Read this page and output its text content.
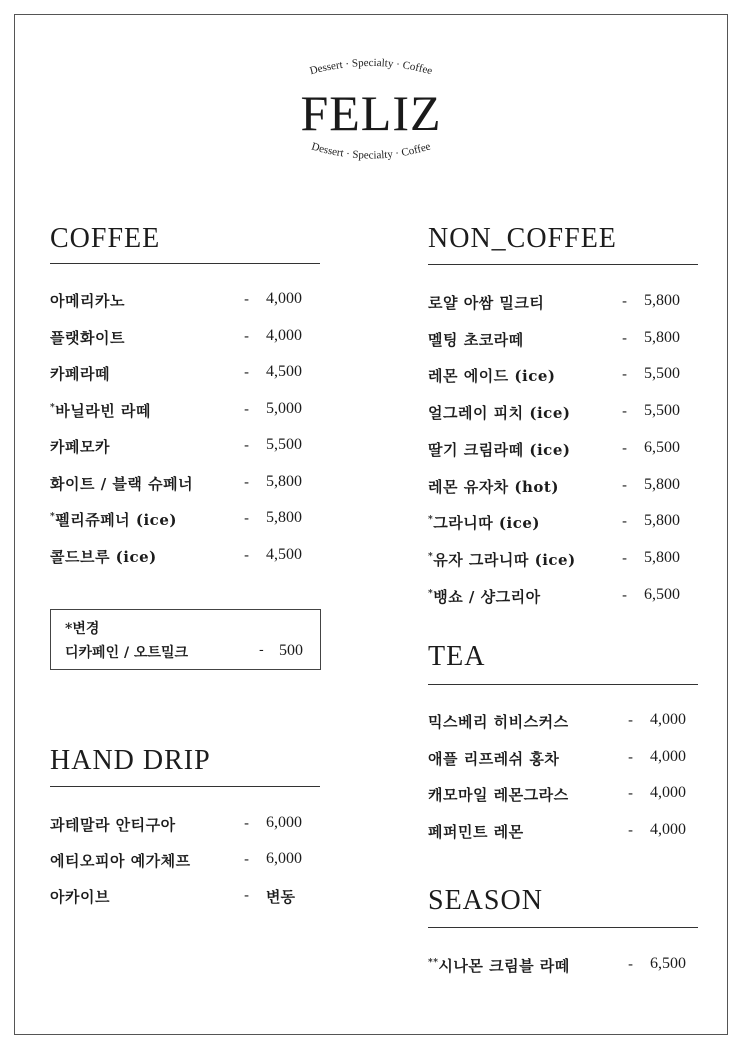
Dessert · Specialty · Coffee
FELIZ
Dessert · Specialty · Coffee
COFFEE
아메리카노	- 4,000
플랫화이트	- 4,000
카페라떼	- 4,500
*바닐라빈 라떼	- 5,000
카페모카	- 5,500
화이트 / 블랙 슈페너	- 5,800
*펠리쥬페너 (ice)	- 5,800
콜드브루 (ice)	- 4,500
*변경
디카페인 / 오트밀크	- 500
HAND DRIP
과테말라 안티구아	- 6,000
에티오피아 예가체프	- 6,000
아카이브	- 변동
NON_COFFEE
로얄 아쌈 밀크티	- 5,800
멜팅 초코라떼	- 5,800
레몬 에이드 (ice)	- 5,500
얼그레이 피치 (ice)	- 5,500
딸기 크림라떼 (ice)	- 6,500
레몬 유자차 (hot)	- 5,800
*그라니따 (ice)	- 5,800
*유자 그라니따 (ice)	- 5,800
*뱅쇼 / 샹그리아	- 6,500
TEA
믹스베리 히비스커스	- 4,000
애플 리프레쉬 홍차	- 4,000
캐모마일 레몬그라스	- 4,000
페퍼민트 레몬	- 4,000
SEASON
**시나몬 크림블 라떼	- 6,500
